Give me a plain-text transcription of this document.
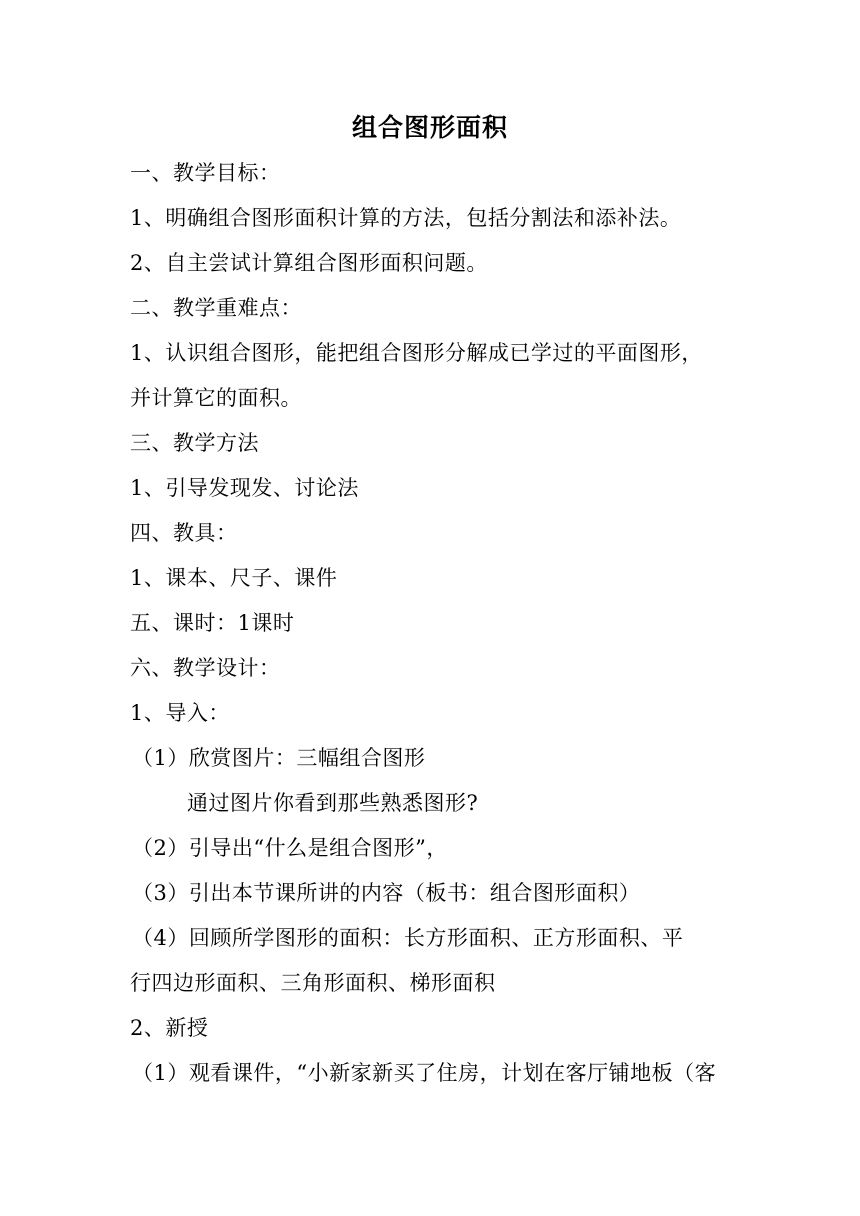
组合图形面积
一、教学目标：
1、明确组合图形面积计算的方法，包括分割法和添补法。
2、自主尝试计算组合图形面积问题。
二、教学重难点：
1、认识组合图形，能把组合图形分解成已学过的平面图形，
并计算它的面积。
三、教学方法
1、引导发现发、讨论法
四、教具：
1、课本、尺子、课件
五、课时：1课时
六、教学设计：
1、导入：
（1）欣赏图片：三幅组合图形
通过图片你看到那些熟悉图形?
（2）引导出“什么是组合图形”，
（3）引出本节课所讲的内容（板书：组合图形面积）
（4）回顾所学图形的面积：长方形面积、正方形面积、平
行四边形面积、三角形面积、梯形面积
2、新授
（1）观看课件，“小新家新买了住房，计划在客厅铺地板（客
